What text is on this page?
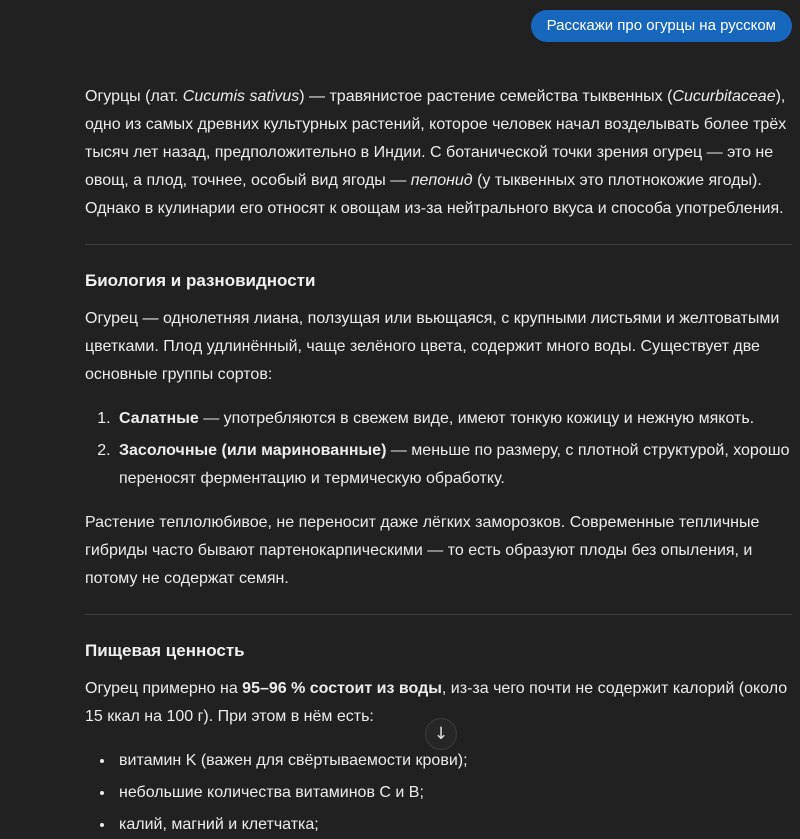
Расскажи про огурцы на русском

Огурцы (лат. Cucumis sativus) — травянистое растение семейства тыквенных (Cucurbitaceae), одно из самых древних культурных растений, которое человек начал возделывать более трёх тысяч лет назад, предположительно в Индии. С ботанической точки зрения огурец — это не овощ, а плод, точнее, особый вид ягоды — пепонид (у тыквенных это плотнокожие ягоды). Однако в кулинарии его относят к овощам из-за нейтрального вкуса и способа употребления.

Биология и разновидности

Огурец — однолетняя лиана, ползущая или вьющаяся, с крупными листьями и желтоватыми цветками. Плод удлинённый, чаще зелёного цвета, содержит много воды. Существует две основные группы сортов:

1. Салатные — употребляются в свежем виде, имеют тонкую кожицу и нежную мякоть.
2. Засолочные (или маринованные) — меньше по размеру, с плотной структурой, хорошо переносят ферментацию и термическую обработку.

Растение теплолюбивое, не переносит даже лёгких заморозков. Современные тепличные гибриды часто бывают партенокарпическими — то есть образуют плоды без опыления, и потому не содержат семян.

Пищевая ценность

Огурец примерно на 95–96 % состоит из воды, из-за чего почти не содержит калорий (около 15 ккал на 100 г). При этом в нём есть:

• витамин K (важен для свёртываемости крови);
• небольшие количества витаминов C и B;
• калий, магний и клетчатка;
↓
